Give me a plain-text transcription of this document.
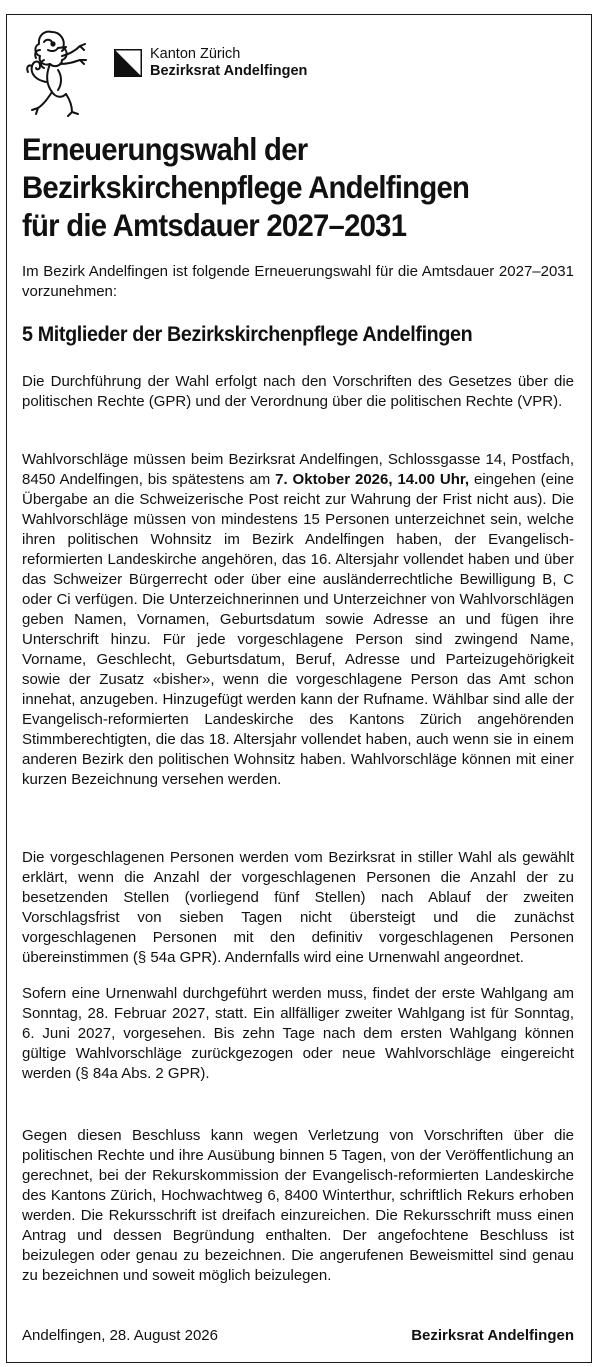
Kanton Zürich
Bezirksrat Andelfingen
Erneuerungswahl der
Bezirkskirchenpflege Andelfingen
für die Amtsdauer 2027–2031

Im Bezirk Andelfingen ist folgende Erneuerungswahl für die Amtsdauer 2027–2031 vorzunehmen:

5 Mitglieder der Bezirkskirchenpflege Andelfingen

Die Durchführung der Wahl erfolgt nach den Vorschriften des Gesetzes über die politischen Rechte (GPR) und der Verordnung über die politischen Rechte (VPR).

Wahlvorschläge müssen beim Bezirksrat Andelfingen, Schlossgasse 14, Postfach, 8450 Andelfingen, bis spätestens am 7. Oktober 2026, 14.00 Uhr, eingehen (eine Übergabe an die Schweizerische Post reicht zur Wahrung der Frist nicht aus). Die Wahlvorschläge müssen von mindestens 15 Personen unterzeichnet sein, welche ihren politischen Wohnsitz im Bezirk Andelfingen haben, der Evangelisch-reformierten Landeskirche angehören, das 16. Altersjahr vollendet haben und über das Schweizer Bürgerrecht oder über eine ausländerrechtliche Bewilligung B, C oder Ci verfügen. Die Unterzeichnerinnen und Unterzeichner von Wahlvorschlägen geben Namen, Vornamen, Geburtsdatum sowie Adresse an und fügen ihre Unterschrift hinzu. Für jede vorgeschlagene Person sind zwingend Name, Vorname, Geschlecht, Geburtsdatum, Beruf, Adresse und Parteizugehörigkeit sowie der Zusatz «bisher», wenn die vorgeschlagene Person das Amt schon innehat, anzugeben. Hinzugefügt werden kann der Rufname. Wählbar sind alle der Evangelisch-reformierten Landeskirche des Kantons Zürich angehörenden Stimmberechtigten, die das 18. Altersjahr vollendet haben, auch wenn sie in einem anderen Bezirk den politischen Wohnsitz haben. Wahlvorschläge können mit einer kurzen Bezeichnung versehen werden.

Die vorgeschlagenen Personen werden vom Bezirksrat in stiller Wahl als gewählt erklärt, wenn die Anzahl der vorgeschlagenen Personen die Anzahl der zu besetzenden Stellen (vorliegend fünf Stellen) nach Ablauf der zweiten Vorschlagsfrist von sieben Tagen nicht übersteigt und die zunächst vorgeschlagenen Personen mit den definitiv vorgeschlagenen Personen übereinstimmen (§ 54a GPR). Andernfalls wird eine Urnenwahl angeordnet.

Sofern eine Urnenwahl durchgeführt werden muss, findet der erste Wahlgang am Sonntag, 28. Februar 2027, statt. Ein allfälliger zweiter Wahlgang ist für Sonntag, 6. Juni 2027, vorgesehen. Bis zehn Tage nach dem ersten Wahlgang können gültige Wahlvorschläge zurückgezogen oder neue Wahlvorschläge eingereicht werden (§ 84a Abs. 2 GPR).

Gegen diesen Beschluss kann wegen Verletzung von Vorschriften über die politischen Rechte und ihre Ausübung binnen 5 Tagen, von der Veröffentlichung an gerechnet, bei der Rekurskommission der Evangelisch-reformierten Landeskirche des Kantons Zürich, Hochwachtweg 6, 8400 Winterthur, schriftlich Rekurs erhoben werden. Die Rekursschrift ist dreifach einzureichen. Die Rekursschrift muss einen Antrag und dessen Begründung enthalten. Der angefochtene Beschluss ist beizulegen oder genau zu bezeichnen. Die angerufenen Beweismittel sind genau zu bezeichnen und soweit möglich beizulegen.

Andelfingen, 28. August 2026	Bezirksrat Andelfingen
